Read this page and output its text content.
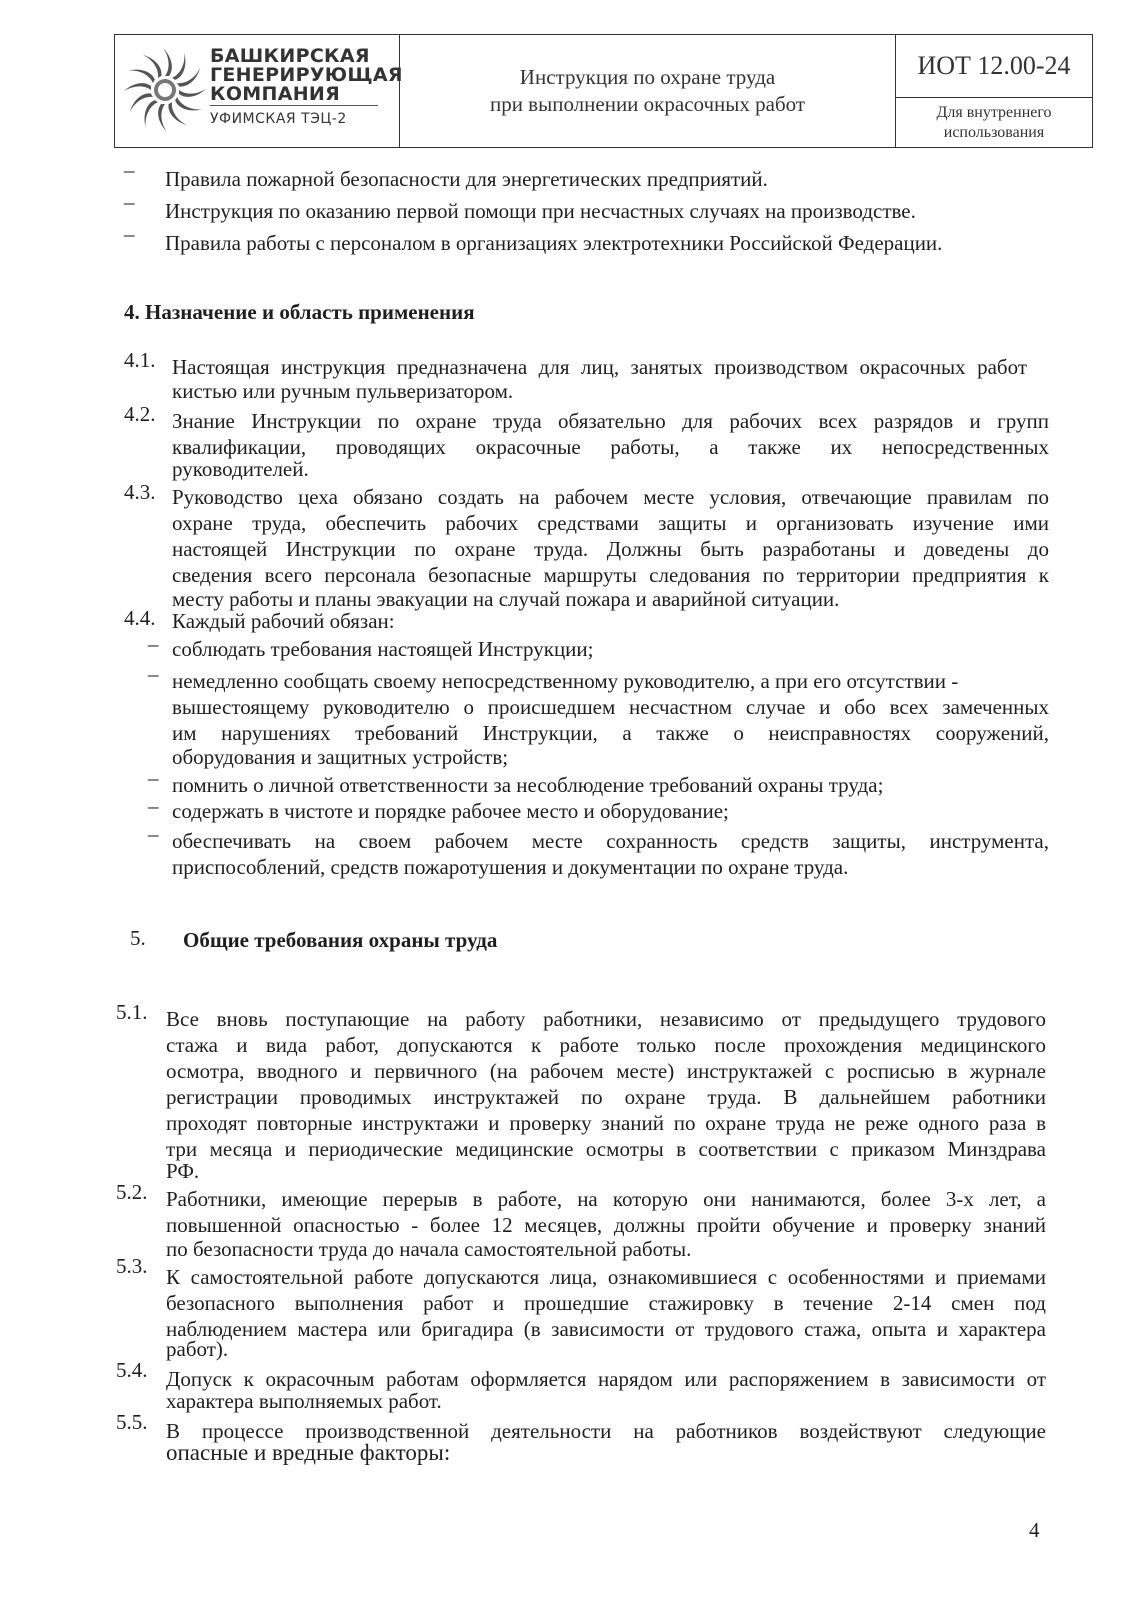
БАШКИРСКАЯ
ГЕНЕРИРУЮЩАЯ
КОМПАНИЯ
УФИМСКАЯ ТЭЦ-2
Инструкция по охране труда
при выполнении окрасочных работ
ИОТ 12.00-24
Для внутреннего
использования
– Правила пожарной безопасности для энергетических предприятий.
– Инструкция по оказанию первой помощи при несчастных случаях на производстве.
– Правила работы с персоналом в организациях электротехники Российской Федерации.
4. Назначение и область применения
4.1. Настоящая инструкция предназначена для лиц, занятых производством окрасочных работ
кистью или ручным пульверизатором.
4.2. Знание Инструкции по охране труда обязательно для рабочих всех разрядов и групп
квалификации, проводящих окрасочные работы, а также их непосредственных
руководителей.
4.3. Руководство цеха обязано создать на рабочем месте условия, отвечающие правилам по
охране труда, обеспечить рабочих средствами защиты и организовать изучение ими
настоящей Инструкции по охране труда. Должны быть разработаны и доведены до
сведения всего персонала безопасные маршруты следования по территории предприятия к
месту работы и планы эвакуации на случай пожара и аварийной ситуации.
4.4. Каждый рабочий обязан:
– соблюдать требования настоящей Инструкции;
– немедленно сообщать своему непосредственному руководителю, а при его отсутствии -
вышестоящему руководителю о происшедшем несчастном случае и обо всех замеченных
им нарушениях требований Инструкции, а также о неисправностях сооружений,
оборудования и защитных устройств;
– помнить о личной ответственности за несоблюдение требований охраны труда;
– содержать в чистоте и порядке рабочее место и оборудование;
– обеспечивать на своем рабочем месте сохранность средств защиты, инструмента,
приспособлений, средств пожаротушения и документации по охране труда.
5. Общие требования охраны труда
5.1. Все вновь поступающие на работу работники, независимо от предыдущего трудового
стажа и вида работ, допускаются к работе только после прохождения медицинского
осмотра, вводного и первичного (на рабочем месте) инструктажей с росписью в журнале
регистрации проводимых инструктажей по охране труда. В дальнейшем работники
проходят повторные инструктажи и проверку знаний по охране труда не реже одного раза в
три месяца и периодические медицинские осмотры в соответствии с приказом Минздрава
РФ.
5.2. Работники, имеющие перерыв в работе, на которую они нанимаются, более 3-х лет, а
повышенной опасностью - более 12 месяцев, должны пройти обучение и проверку знаний
по безопасности труда до начала самостоятельной работы.
5.3. К самостоятельной работе допускаются лица, ознакомившиеся с особенностями и приемами
безопасного выполнения работ и прошедшие стажировку в течение 2-14 смен под
наблюдением мастера или бригадира (в зависимости от трудового стажа, опыта и характера
работ).
5.4. Допуск к окрасочным работам оформляется нарядом или распоряжением в зависимости от
характера выполняемых работ.
5.5. В процессе производственной деятельности на работников воздействуют следующие
опасные и вредные факторы:
4
